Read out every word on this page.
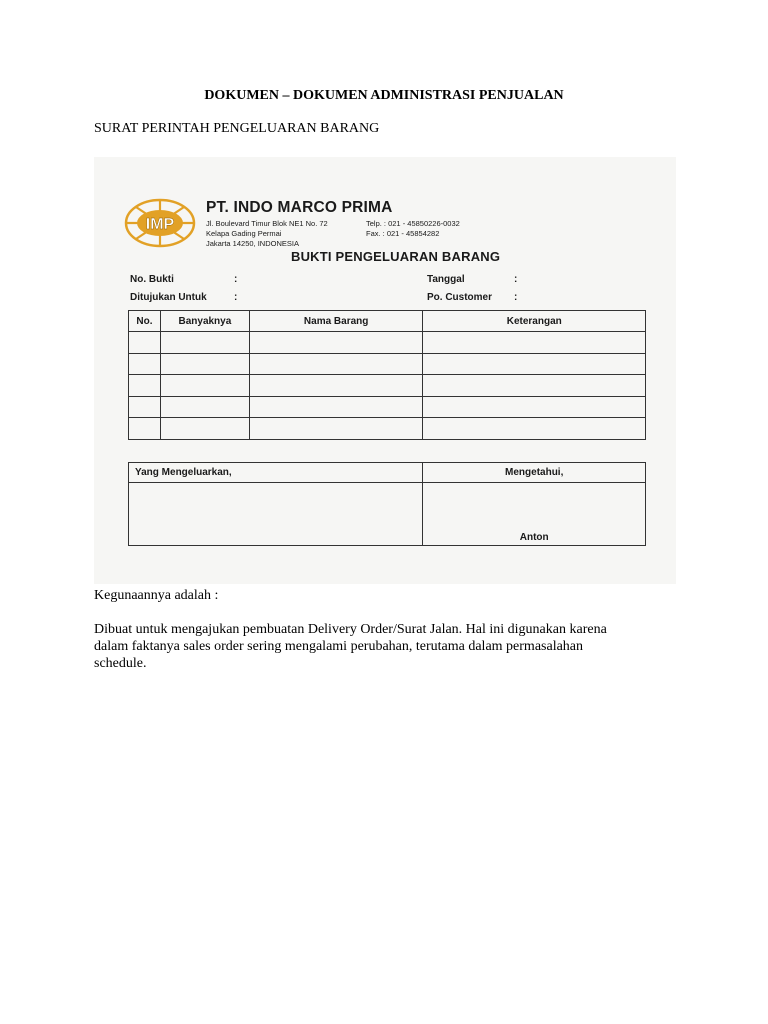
DOKUMEN – DOKUMEN ADMINISTRASI PENJUALAN
SURAT PERINTAH PENGELUARAN BARANG
IMP
PT. INDO MARCO PRIMA
Jl. Boulevard Timur Blok NE1 No. 72
Kelapa Gading Permai
Jakarta 14250, INDONESIA
Telp. : 021 - 45850226-0032
Fax. : 021 - 45854282
BUKTI PENGELUARAN BARANG
No. Bukti	:
Ditujukan Untuk	:
Tanggal	:
Po. Customer :
No.	Banyaknya	Nama Barang	Keterangan

Yang Mengeluarkan,	Mengetahui,

	Anton
Kegunaannya adalah :
Dibuat untuk mengajukan pembuatan Delivery Order/Surat Jalan. Hal ini digunakan karena
dalam faktanya sales order sering mengalami perubahan, terutama dalam permasalahan
schedule.
